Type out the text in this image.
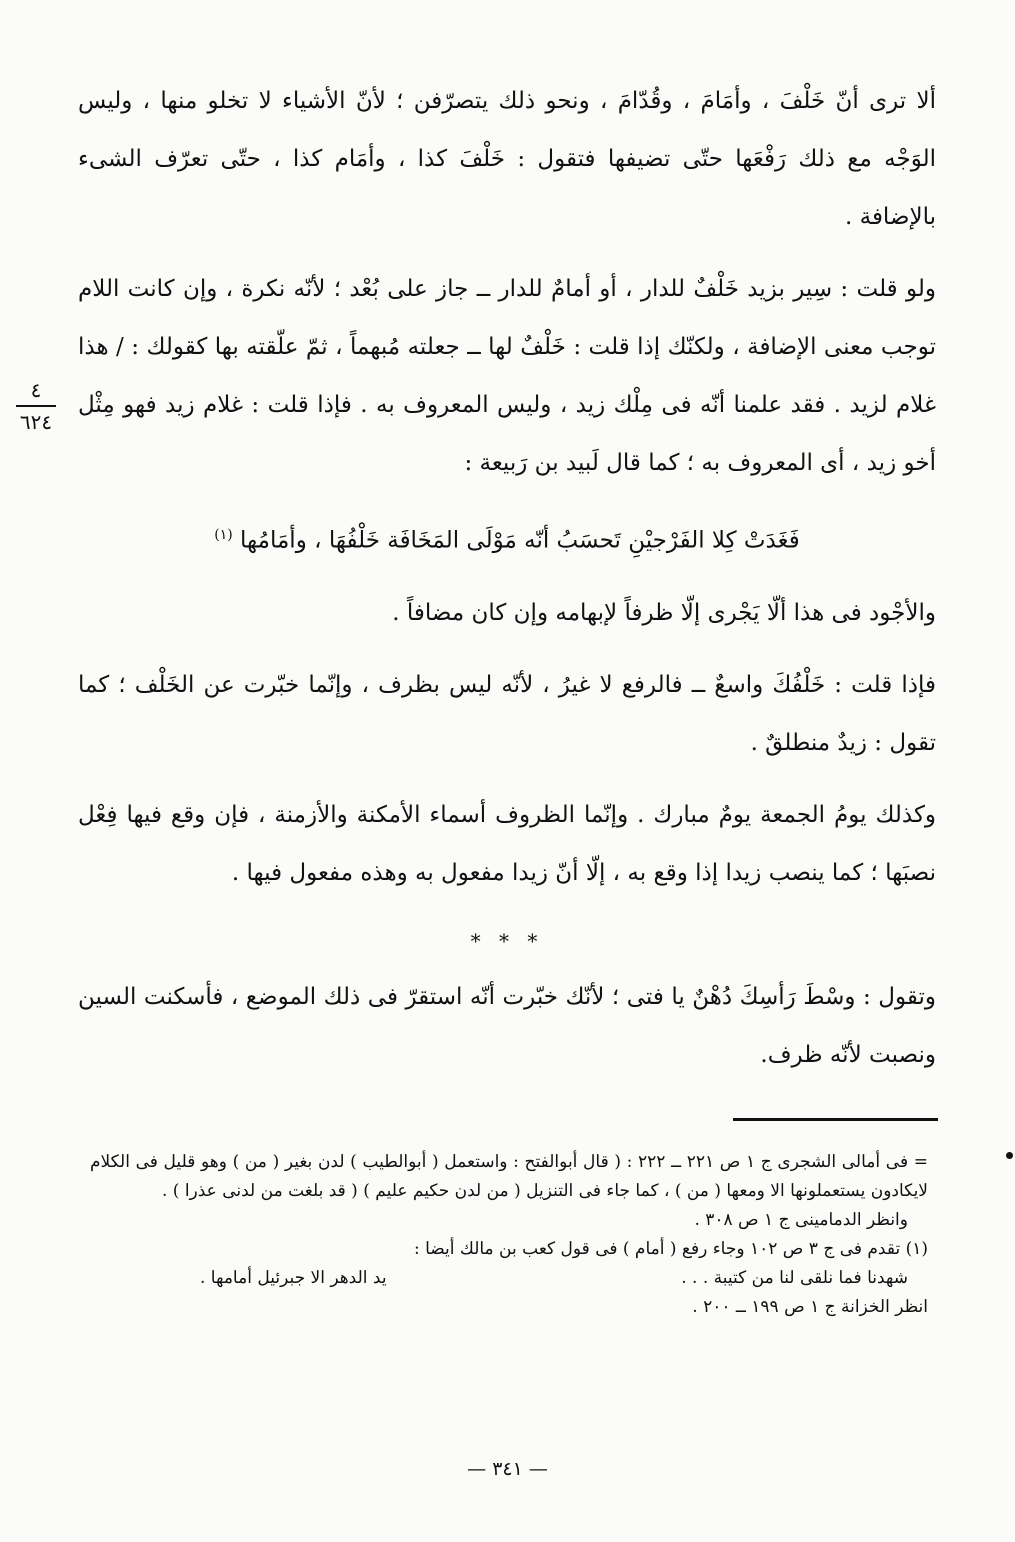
ألا ترى أنّ خَلْفَ ، وأمَامَ ، وقُدّامَ ، ونحو ذلك يتصرّفن ؛ لأنّ الأشياء لا تخلو منها ، وليس الوَجْه مع ذلك رَفْعَها حتّى تضيفها فتقول : خَلْفَ كذا ، وأمَام كذا ، حتّى تعرّف الشىء بالإضافة .

ولو قلت : سِير بزيد خَلْفٌ للدار ، أو أمامٌ للدار ــ جاز على بُعْد ؛ لأنّه نكرة ، وإن كانت اللام توجب معنى الإضافة ، ولكنّك إذا قلت : خَلْفٌ لها ــ جعلته مُبهماً ، ثمّ علّقته بها كقولك : / هذا غلام لزيد . فقد علمنا أنّه فى مِلْك زيد ، وليس المعروف به . فإذا قلت : غلام زيد فهو مِثْل أخو زيد ، أى المعروف به ؛ كما قال لَبيد بن رَبيعة :

فَغَدَتْ كِلا الفَرْجيْنِ تَحسَبُ أنّه مَوْلَى المَخَافَة خَلْفُهَا ، وأمَامُها $^{(١)}$

والأجْود فى هذا ألّا يَجْرى إلّا ظرفاً لإبهامه وإن كان مضافاً .

فإذا قلت : خَلْفُكَ واسعٌ ــ فالرفع لا غيرُ ، لأنّه ليس بظرف ، وإنّما خبّرت عن الخَلْف ؛ كما تقول : زيدٌ منطلقٌ .

وكذلك يومُ الجمعة يومٌ مبارك . وإنّما الظروف أسماء الأمكنة والأزمنة ، فإن وقع فيها فِعْل نصبَها ؛ كما ينصب زيدا إذا وقع به ، إلّا أنّ زيدا مفعول به وهذه مفعول فيها .

* * *

وتقول : وسْطَ رَأسِكَ دُهْنٌ يا فتى ؛ لأنّك خبّرت أنّه استقرّ فى ذلك الموضع ، فأسكنت السين ونصبت لأنّه ظرف.

٤
٦٢٤

= فى أمالى الشجرى ج ١ ص ٢٢١ ــ ٢٢٢ : ( قال أبوالفتح : واستعمل ( أبوالطيب ) لدن بغير ( من ) وهو قليل فى الكلام لايكادون يستعملونها الا ومعها ( من ) ، كما جاء فى التنزيل ( من لدن حكيم عليم ) ( قد بلغت من لدنى عذرا ) .

وانظر الدمامينى ج ١ ص ٣٠٨ .

(١) تقدم فى ج ٣ ص ١٠٢ وجاء رفع ( أمام ) فى قول كعب بن مالك أيضا :

شهدنا فما نلقى لنا من كتيبة . . .
يد الدهر الا جبرئيل أمامها .

انظر الخزانة ج ١ ص ١٩٩ ــ ٢٠٠ .

— ٣٤١ —
